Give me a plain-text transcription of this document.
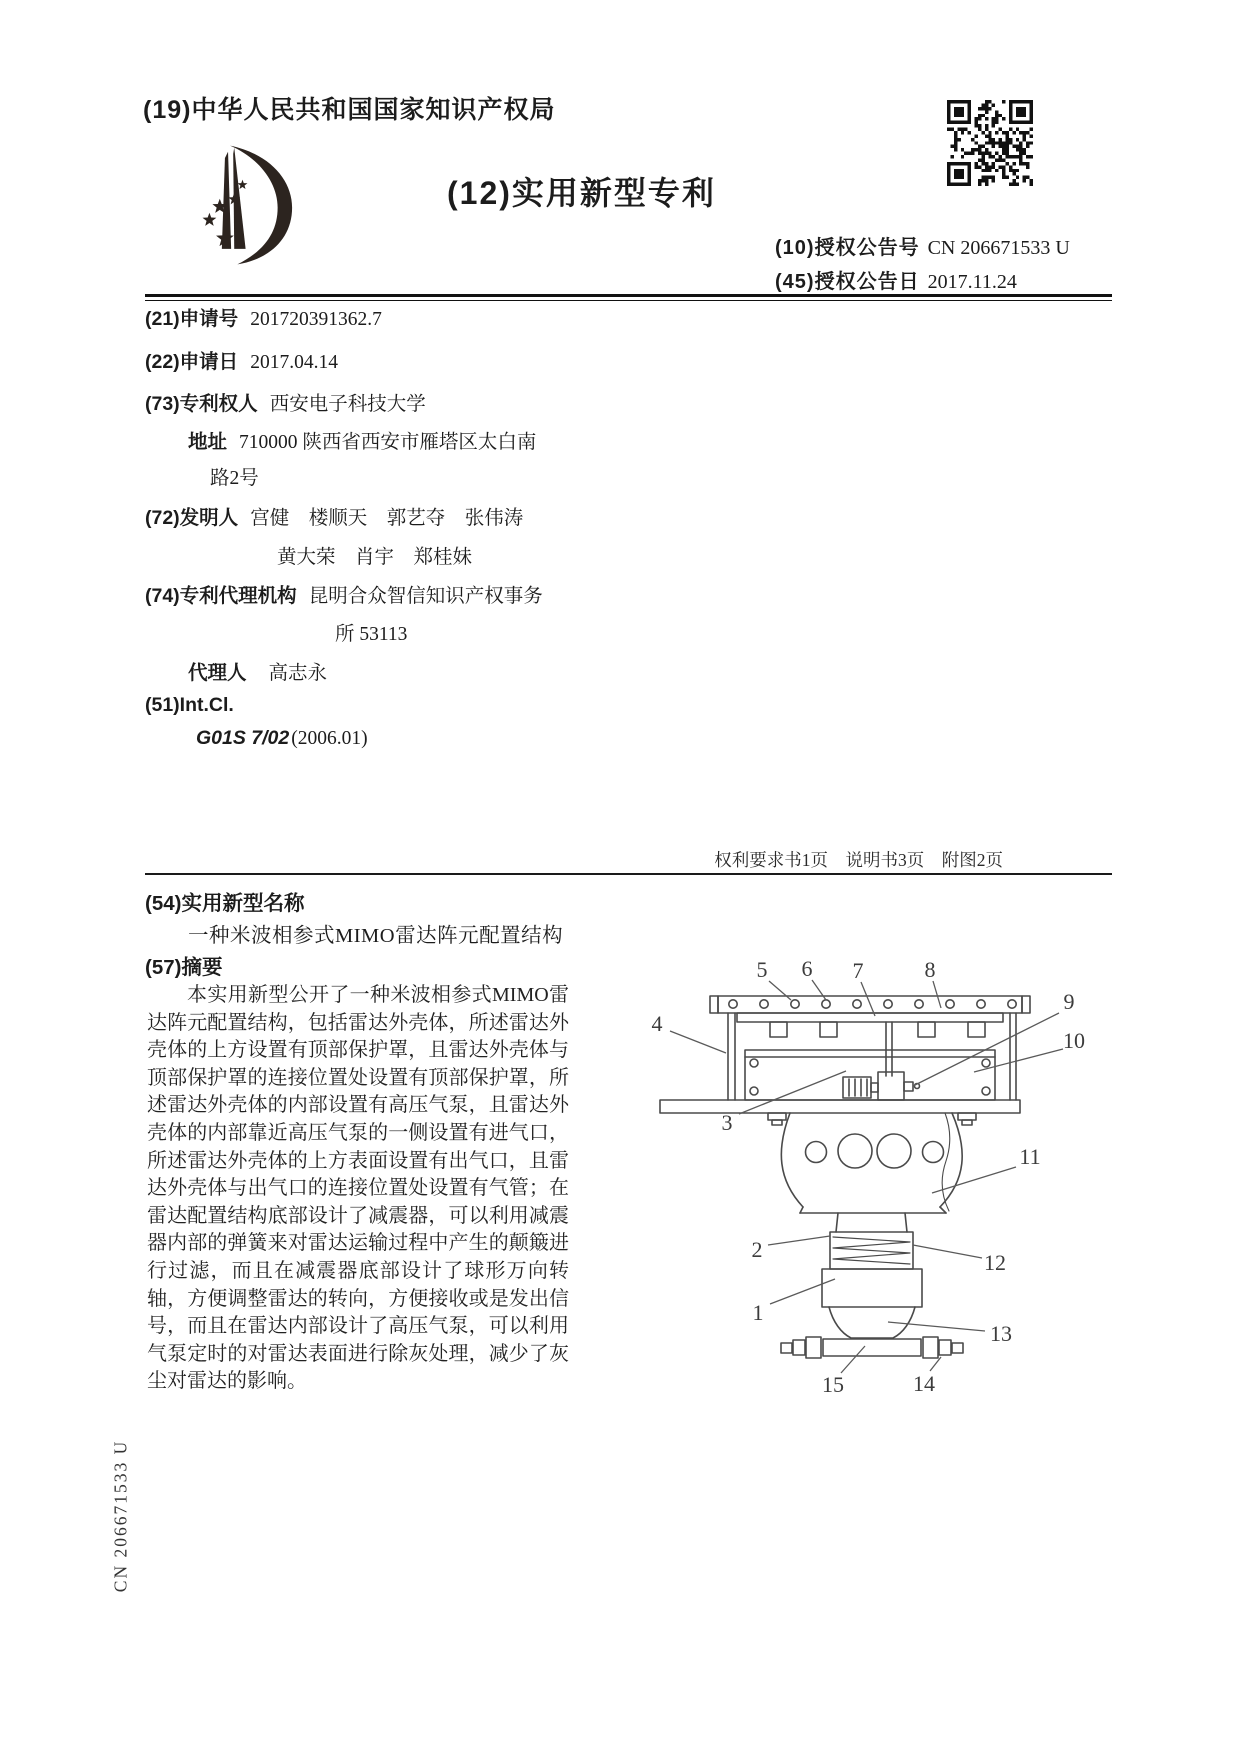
(19)中华人民共和国国家知识产权局
(12)实用新型专利
(10)授权公告号 CN 206671533 U
(45)授权公告日 2017.11.24
(21)申请号 201720391362.7
(22)申请日 2017.04.14
(73)专利权人 西安电子科技大学
地址 710000 陕西省西安市雁塔区太白南
路2号
(72)发明人 宫健　楼顺天　郭艺夺　张伟涛
黄大荣　肖宇　郑桂妹
(74)专利代理机构 昆明合众智信知识产权事务
所 53113
代理人 高志永
(51)Int.Cl.
G01S 7/02 (2006.01)
权利要求书1页　说明书3页　附图2页
(54)实用新型名称
一种米波相参式MIMO雷达阵元配置结构
(57)摘要
本实用新型公开了一种米波相参式MIMO雷达阵元配置结构，包括雷达外壳体，所述雷达外壳体的上方设置有顶部保护罩，且雷达外壳体与顶部保护罩的连接位置处设置有顶部保护罩，所述雷达外壳体的内部设置有高压气泵，且雷达外壳体的内部靠近高压气泵的一侧设置有进气口，所述雷达外壳体的上方表面设置有出气口，且雷达外壳体与出气口的连接位置处设置有气管；在雷达配置结构底部设计了减震器，可以利用减震器内部的弹簧来对雷达运输过程中产生的颠簸进行过滤，而且在减震器底部设计了球形万向转轴，方便调整雷达的转向，方便接收或是发出信号，而且在雷达内部设计了高压气泵，可以利用气泵定时的对雷达表面进行除灰处理，减少了灰尘对雷达的影响。
CN 206671533 U
5 6 7	8
4
9
10
3
11
2
12
1
13
15	14
